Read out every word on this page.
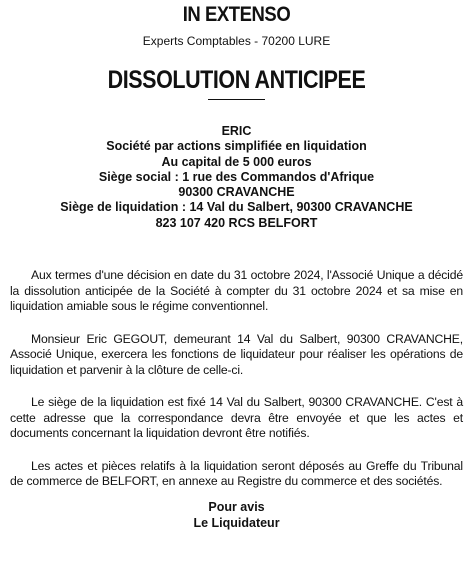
IN EXTENSO
Experts Comptables - 70200 LURE
DISSOLUTION ANTICIPEE
ERIC
Société par actions simplifiée en liquidation
Au capital de 5 000 euros
Siège social : 1 rue des Commandos d'Afrique
90300 CRAVANCHE
Siège de liquidation : 14 Val du Salbert, 90300 CRAVANCHE
823 107 420 RCS BELFORT

Aux termes d'une décision en date du 31 octobre 2024, l'Associé Unique a décidé la dissolution anticipée de la Société à compter du 31 octobre 2024 et sa mise en liquidation amiable sous le régime conventionnel.

Monsieur Eric GEGOUT, demeurant 14 Val du Salbert, 90300 CRAVANCHE, Associé Unique, exercera les fonctions de liquidateur pour réaliser les opérations de liquidation et parvenir à la clôture de celle-ci.

Le siège de la liquidation est fixé 14 Val du Salbert, 90300 CRAVANCHE. C'est à cette adresse que la correspondance devra être envoyée et que les actes et documents concernant la liquidation devront être notifiés.

Les actes et pièces relatifs à la liquidation seront déposés au Greffe du Tribunal de commerce de BELFORT, en annexe au Registre du commerce et des sociétés.

Pour avis
Le Liquidateur
